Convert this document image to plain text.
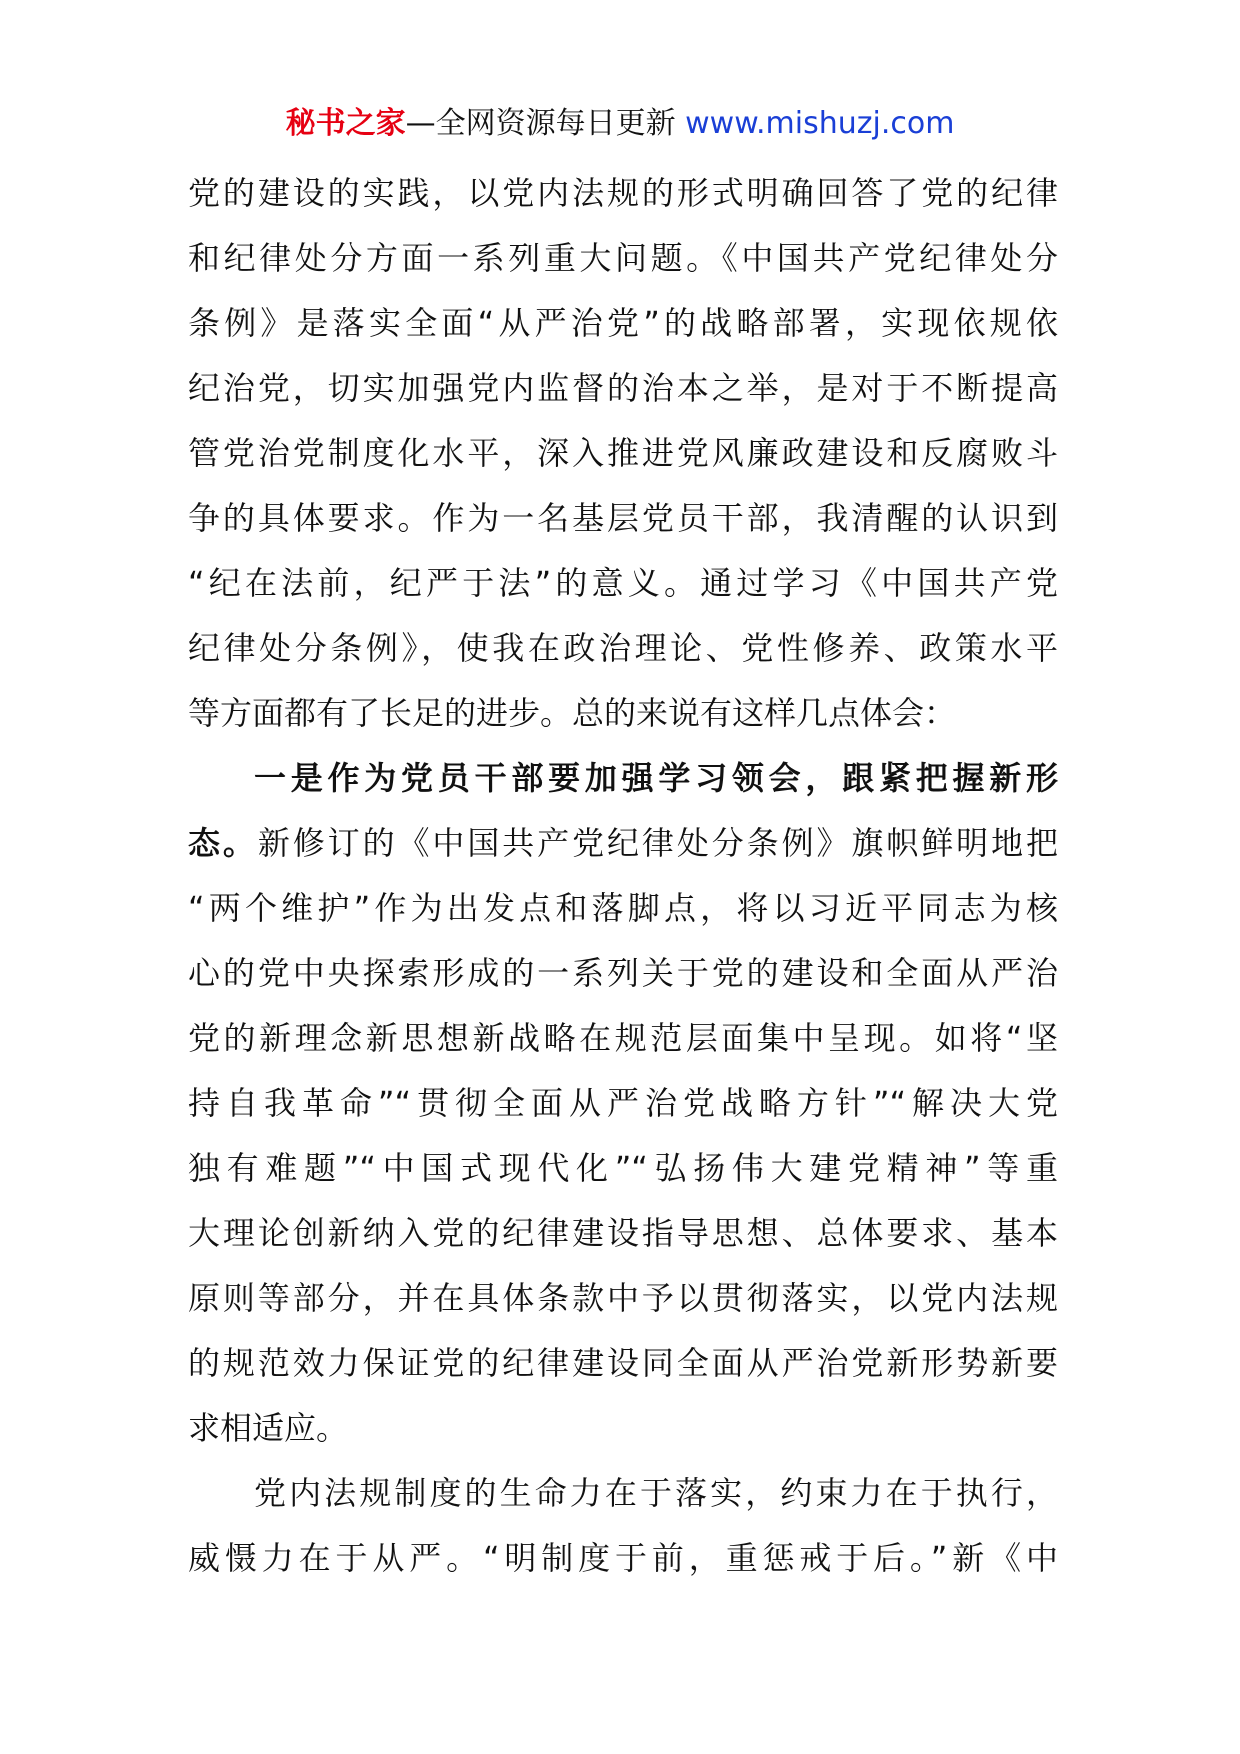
秘书之家—全网资源每日更新 www.mishuzj.com
党的建设的实践，以党内法规的形式明确回答了党的纪律
和纪律处分方面一系列重大问题。《中国共产党纪律处分
条例》是落实全面“从严治党”的战略部署，实现依规依
纪治党，切实加强党内监督的治本之举，是对于不断提高
管党治党制度化水平，深入推进党风廉政建设和反腐败斗
争的具体要求。作为一名基层党员干部，我清醒的认识到
“纪在法前，纪严于法”的意义。通过学习《中国共产党
纪律处分条例》，使我在政治理论、党性修养、政策水平
等方面都有了长足的进步。总的来说有这样几点体会：
一是作为党员干部要加强学习领会，跟紧把握新形
态。新修订的《中国共产党纪律处分条例》旗帜鲜明地把
“两个维护”作为出发点和落脚点，将以习近平同志为核
心的党中央探索形成的一系列关于党的建设和全面从严治
党的新理念新思想新战略在规范层面集中呈现。如将“坚
持自我革命”“贯彻全面从严治党战略方针”“解决大党
独有难题”“中国式现代化”“弘扬伟大建党精神”等重
大理论创新纳入党的纪律建设指导思想、总体要求、基本
原则等部分，并在具体条款中予以贯彻落实，以党内法规
的规范效力保证党的纪律建设同全面从严治党新形势新要
求相适应。
党内法规制度的生命力在于落实，约束力在于执行，
威慑力在于从严。“明制度于前，重惩戒于后。”新《中
